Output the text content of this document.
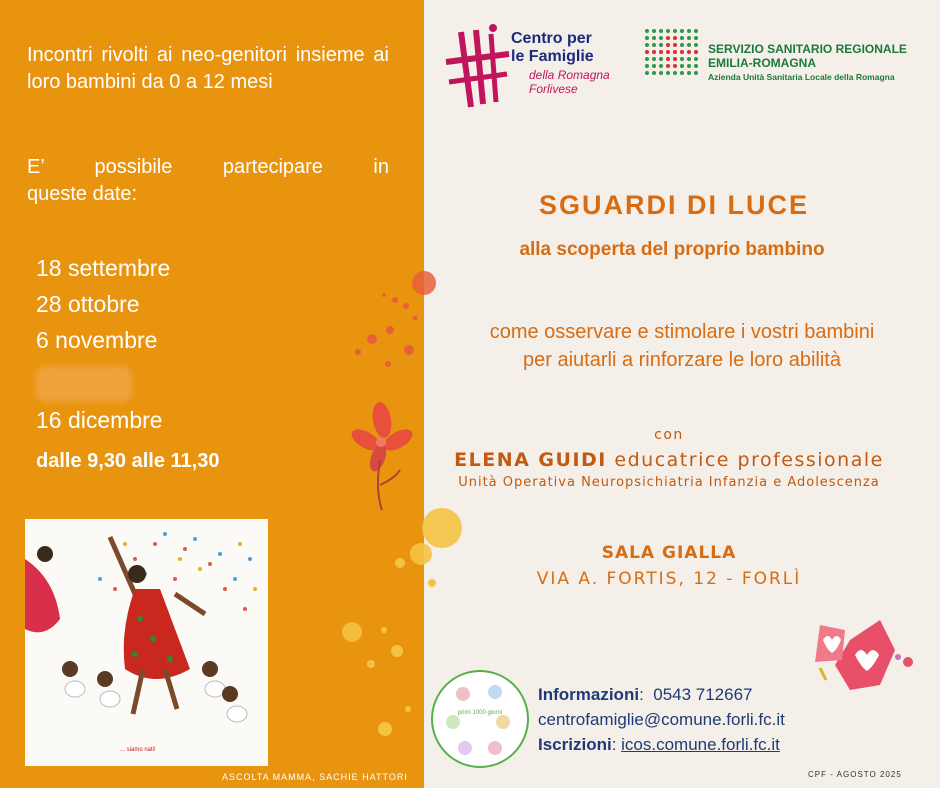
Incontri rivolti ai neo-genitori insieme ai loro bambini da 0 a 12 mesi
E’ possibile partecipare in
queste date:
18 settembre
28 ottobre
6 novembre
16 dicembre
dalle 9,30 alle 11,30
... siamo nati!
ASCOLTA MAMMA, SACHIE HATTORI
Centro per
le Famiglie
della Romagna
Forlivese
SERVIZIO SANITARIO REGIONALE
EMILIA-ROMAGNA
Azienda Unità Sanitaria Locale della Romagna
SGUARDI DI LUCE
alla scoperta del proprio bambino
come osservare e stimolare i vostri bambini
per aiutarli a rinforzare le loro abilità
con
ELENA GUIDI educatrice professionale
Unità Operativa Neuropsichiatria Infanzia e Adolescenza
SALA GIALLA
VIA A. FORTIS, 12 - FORLÌ
primi 1000 giorni
Informazioni:  0543 712667
centrofamiglie@comune.forli.fc.it
Iscrizioni: icos.comune.forli.fc.it
CPF - AGOSTO 2025
